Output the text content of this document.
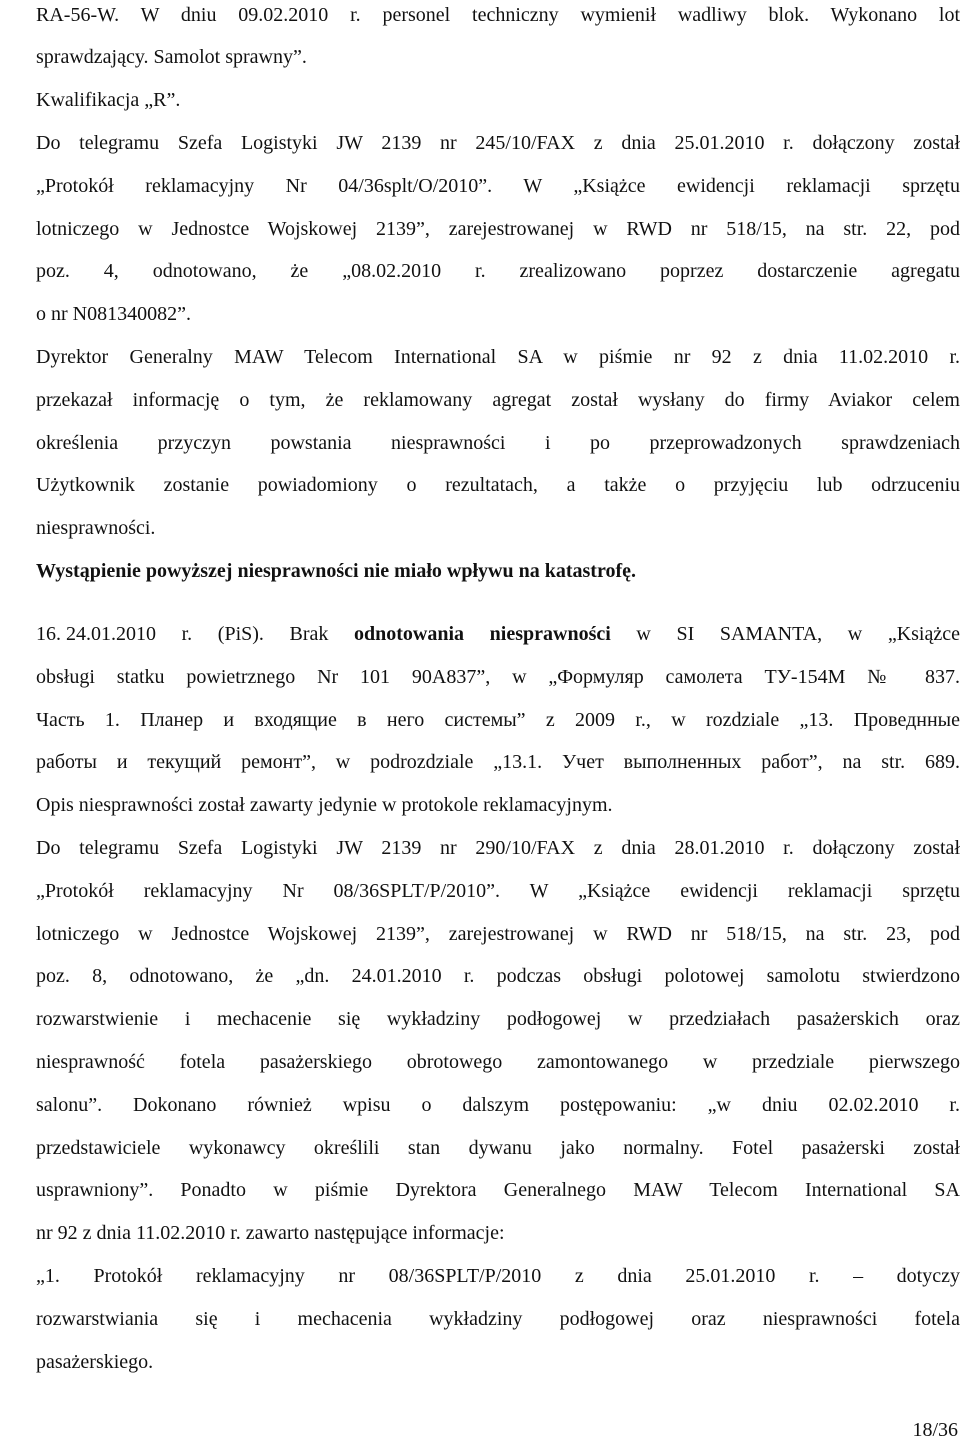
RA-56-W. W dniu 09.02.2010 r. personel techniczny wymienił wadliwy blok. Wykonano lot
sprawdzający. Samolot sprawny”.
Kwalifikacja „R”.
Do telegramu Szefa Logistyki JW 2139 nr 245/10/FAX z dnia 25.01.2010 r. dołączony został
„Protokół reklamacyjny Nr 04/36splt/O/2010”. W „Książce ewidencji reklamacji sprzętu
lotniczego w Jednostce Wojskowej 2139”, zarejestrowanej w RWD nr 518/15, na str. 22, pod
poz. 4, odnotowano, że „08.02.2010 r. zrealizowano poprzez dostarczenie agregatu
o nr N081340082”.
Dyrektor Generalny MAW Telecom International SA w piśmie nr 92 z dnia 11.02.2010 r.
przekazał informację o tym, że reklamowany agregat został wysłany do firmy Aviakor celem
określenia przyczyn powstania niesprawności i po przeprowadzonych sprawdzeniach
Użytkownik zostanie powiadomiony o rezultatach, a także o przyjęciu lub odrzuceniu
niesprawności.
Wystąpienie powyższej niesprawności nie miało wpływu na katastrofę.
16. 24.01.2010 r. (PiS). Brak odnotowania niesprawności w SI SAMANTA, w „Książce
obsługi statku powietrznego Nr 101 90A837”, w „Формуляр самолета ТУ-154М № 837.
Часть 1. Планер и входящие в него системы” z 2009 r., w rozdziale „13. Проведнные
работы и текущий ремонт”, w podrozdziale „13.1. Учет выполненных работ”, na str. 689.
Opis niesprawności został zawarty jedynie w protokole reklamacyjnym.
Do telegramu Szefa Logistyki JW 2139 nr 290/10/FAX z dnia 28.01.2010 r. dołączony został
„Protokół reklamacyjny Nr 08/36SPLT/P/2010”. W „Książce ewidencji reklamacji sprzętu
lotniczego w Jednostce Wojskowej 2139”, zarejestrowanej w RWD nr 518/15, na str. 23, pod
poz. 8, odnotowano, że „dn. 24.01.2010 r. podczas obsługi polotowej samolotu stwierdzono
rozwarstwienie i mechacenie się wykładziny podłogowej w przedziałach pasażerskich oraz
niesprawność fotela pasażerskiego obrotowego zamontowanego w przedziale pierwszego
salonu”. Dokonano również wpisu o dalszym postępowaniu: „w dniu 02.02.2010 r.
przedstawiciele wykonawcy określili stan dywanu jako normalny. Fotel pasażerski został
usprawniony”. Ponadto w piśmie Dyrektora Generalnego MAW Telecom International SA
nr 92 z dnia 11.02.2010 r. zawarto następujące informacje:
„1. Protokół reklamacyjny nr 08/36SPLT/P/2010 z dnia 25.01.2010 r. – dotyczy
rozwarstwiania się i mechacenia wykładziny podłogowej oraz niesprawności fotela
pasażerskiego.
18/36
